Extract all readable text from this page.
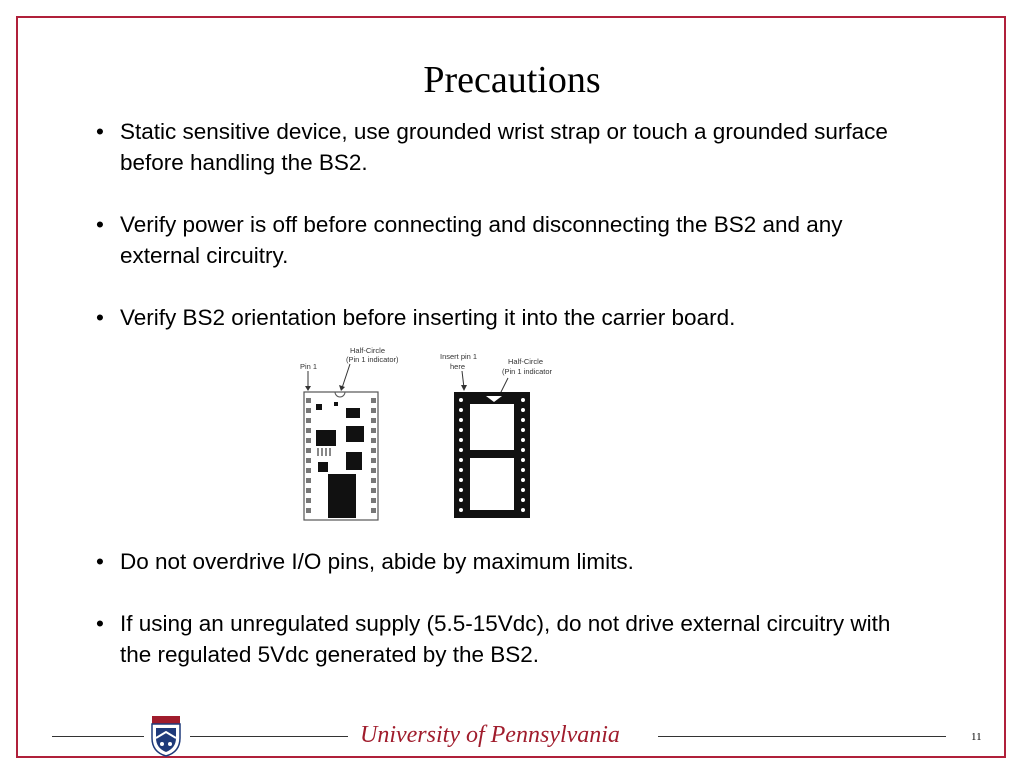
Precautions
• Static sensitive device, use grounded wrist strap or touch a grounded surface before handling the BS2.
• Verify power is off before connecting and disconnecting the BS2 and any external circuitry.
• Verify BS2 orientation before inserting it into the carrier board.
Pin 1
Half-Circle
(Pin 1 indicator)	Insert pin 1
here
Half-Circle
(Pin 1 indicator
• Do not overdrive I/O pins, abide by maximum limits.
• If using an unregulated supply (5.5-15Vdc), do not drive external circuitry with the regulated 5Vdc generated by the BS2.
University of Pennsylvania	11
